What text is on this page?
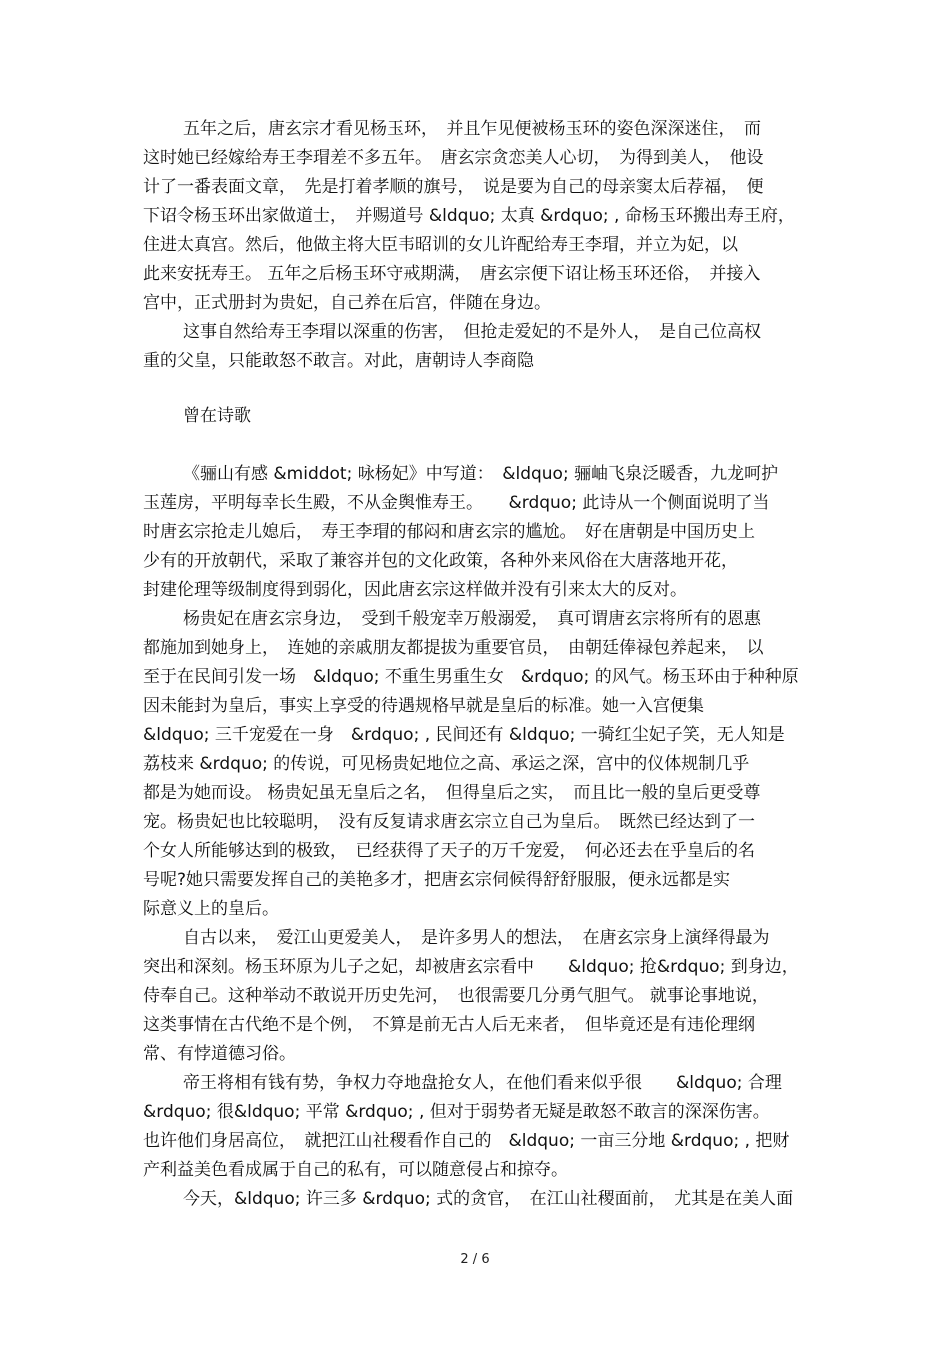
五年之后，唐玄宗才看见杨玉环，　并且乍见便被杨玉环的姿色深深迷住，　而
这时她已经嫁给寿王李瑁差不多五年。　唐玄宗贪恋美人心切，　为得到美人，　他设
计了一番表面文章，　先是打着孝顺的旗号，　说是要为自己的母亲窦太后荐福，　便
下诏令杨玉环出家做道士，　并赐道号 &ldquo; 太真 &rdquo; , 命杨玉环搬出寿王府，
住进太真宫。然后，他做主将大臣韦昭训的女儿许配给寿王李瑁，并立为妃，以
此来安抚寿王。 五年之后杨玉环守戒期满，　唐玄宗便下诏让杨玉环还俗，　并接入
宫中，正式册封为贵妃，自己养在后宫，伴随在身边。
这事自然给寿王李瑁以深重的伤害，　但抢走爱妃的不是外人，　是自己位高权
重的父皇，只能敢怒不敢言。对此，唐朝诗人李商隐
曾在诗歌
《骊山有感 &middot; 咏杨妃》中写道：　&ldquo; 骊岫飞泉泛暖香，九龙呵护
玉莲房，平明每幸长生殿，不从金舆惟寿王。　　&rdquo; 此诗从一个侧面说明了当
时唐玄宗抢走儿媳后，　寿王李瑁的郁闷和唐玄宗的尴尬。　好在唐朝是中国历史上
少有的开放朝代，采取了兼容并包的文化政策，各种外来风俗在大唐落地开花，
封建伦理等级制度得到弱化，因此唐玄宗这样做并没有引来太大的反对。
杨贵妃在唐玄宗身边，　受到千般宠幸万般溺爱，　真可谓唐玄宗将所有的恩惠
都施加到她身上，　连她的亲戚朋友都提拔为重要官员，　由朝廷俸禄包养起来，　以
至于在民间引发一场　&ldquo; 不重生男重生女　&rdquo; 的风气。杨玉环由于种种原
因未能封为皇后，事实上享受的待遇规格早就是皇后的标准。她一入宫便集
&ldquo; 三千宠爱在一身　&rdquo; , 民间还有 &ldquo; 一骑红尘妃子笑，无人知是
荔枝来 &rdquo; 的传说，可见杨贵妃地位之高、承运之深，宫中的仪体规制几乎
都是为她而设。 杨贵妃虽无皇后之名，　但得皇后之实，　而且比一般的皇后更受尊
宠。杨贵妃也比较聪明，　没有反复请求唐玄宗立自己为皇后。　既然已经达到了一
个女人所能够达到的极致，　已经获得了天子的万千宠爱，　何必还去在乎皇后的名
号呢?她只需要发挥自己的美艳多才，把唐玄宗伺候得舒舒服服，便永远都是实
际意义上的皇后。
自古以来，　爱江山更爱美人，　是许多男人的想法，　在唐玄宗身上演绎得最为
突出和深刻。杨玉环原为儿子之妃，却被唐玄宗看中　　&ldquo; 抢&rdquo; 到身边，
侍奉自己。这种举动不敢说开历史先河，　也很需要几分勇气胆气。 就事论事地说，
这类事情在古代绝不是个例，　不算是前无古人后无来者，　但毕竟还是有违伦理纲
常、有悖道德习俗。
帝王将相有钱有势，争权力夺地盘抢女人，在他们看来似乎很　　&ldquo; 合理
&rdquo; 很&ldquo; 平常 &rdquo; , 但对于弱势者无疑是敢怒不敢言的深深伤害。
也许他们身居高位，　就把江山社稷看作自己的　&ldquo; 一亩三分地 &rdquo; , 把财
产利益美色看成属于自己的私有，可以随意侵占和掠夺。
今天，&ldquo; 许三多 &rdquo; 式的贪官，　在江山社稷面前，　尤其是在美人面
2 / 6
